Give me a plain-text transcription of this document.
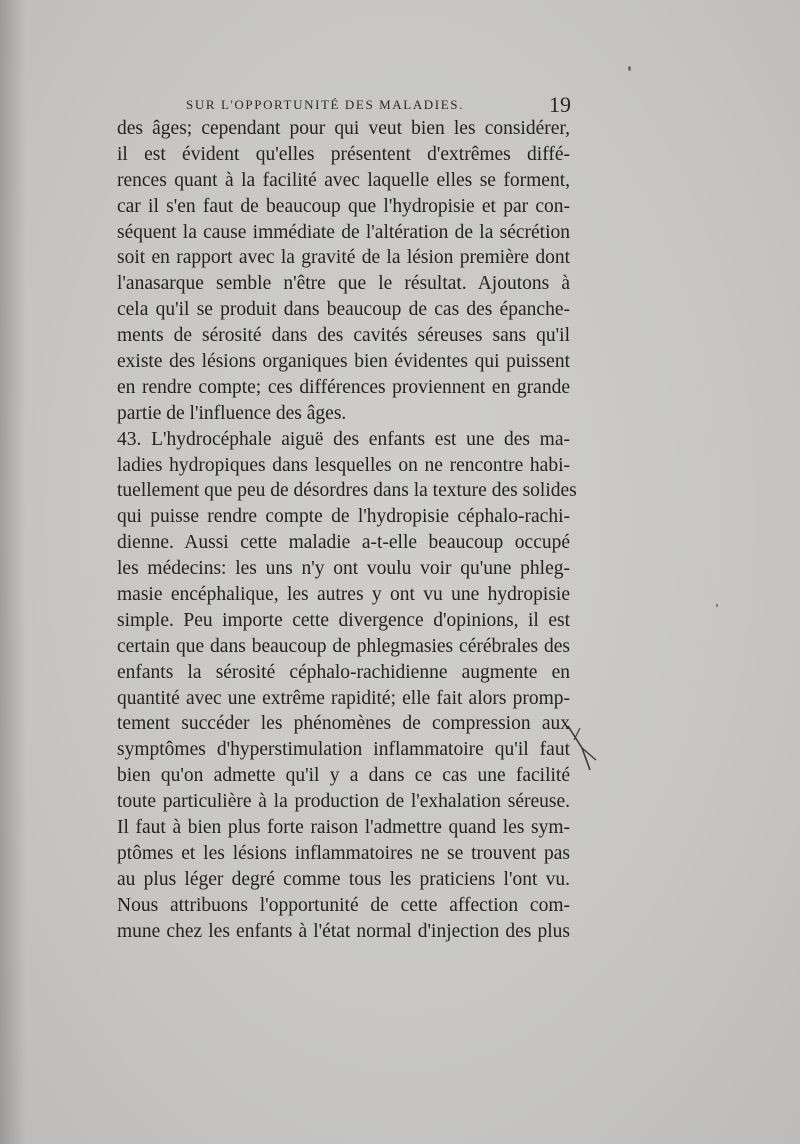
SUR L'OPPORTUNITÉ DES MALADIES.	19
des âges; cependant pour qui veut bien les considérer,
il est évident qu'elles présentent d'extrêmes diffé-
rences quant à la facilité avec laquelle elles se forment,
car il s'en faut de beaucoup que l'hydropisie et par con-
séquent la cause immédiate de l'altération de la sécrétion
soit en rapport avec la gravité de la lésion première dont
l'anasarque semble n'être que le résultat. Ajoutons à
cela qu'il se produit dans beaucoup de cas des épanche-
ments de sérosité dans des cavités séreuses sans qu'il
existe des lésions organiques bien évidentes qui puissent
en rendre compte; ces différences proviennent en grande
partie de l'influence des âges.
43. L'hydrocéphale aiguë des enfants est une des ma-
ladies hydropiques dans lesquelles on ne rencontre habi-
tuellement que peu de désordres dans la texture des solides
qui puisse rendre compte de l'hydropisie céphalo-rachi-
dienne. Aussi cette maladie a-t-elle beaucoup occupé
les médecins: les uns n'y ont voulu voir qu'une phleg-
masie encéphalique, les autres y ont vu une hydropisie
simple. Peu importe cette divergence d'opinions, il est
certain que dans beaucoup de phlegmasies cérébrales des
enfants la sérosité céphalo-rachidienne augmente en
quantité avec une extrême rapidité; elle fait alors promp-
tement succéder les phénomènes de compression aux
symptômes d'hyperstimulation inflammatoire qu'il faut
bien qu'on admette qu'il y a dans ce cas une facilité
toute particulière à la production de l'exhalation séreuse.
Il faut à bien plus forte raison l'admettre quand les sym-
ptômes et les lésions inflammatoires ne se trouvent pas
au plus léger degré comme tous les praticiens l'ont vu.
Nous attribuons l'opportunité de cette affection com-
mune chez les enfants à l'état normal d'injection des plus
